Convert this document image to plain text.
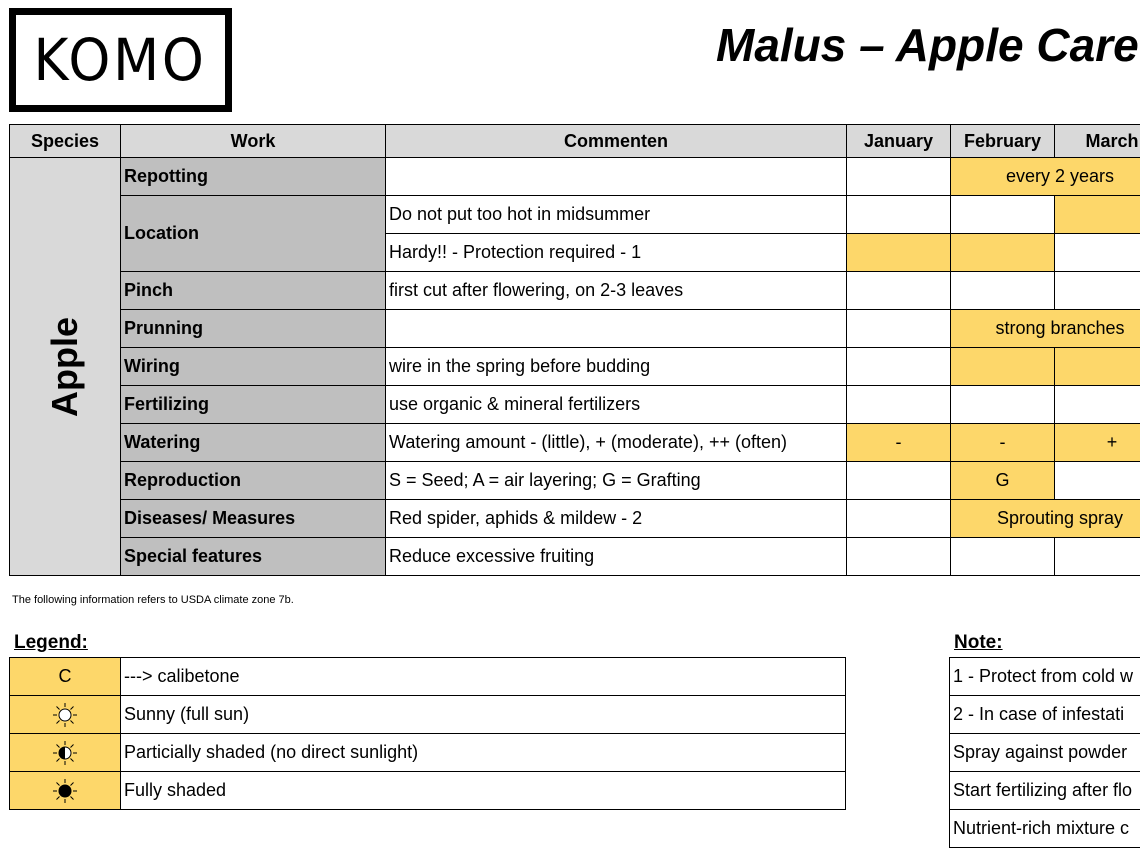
KOMO	Malus – Apple Care
Species	Work	Commenten	January	February	March
Apple	Repotting			every 2 years	
	Location	Do not put too hot in midsummer			
		Hardy!! - Protection required - 1			
	Pinch	first cut after flowering, on 2-3 leaves			
	Prunning			strong branches	
	Wiring	wire in the spring before budding			
	Fertilizing	use organic & mineral fertilizers			
	Watering	Watering amount - (little), + (moderate), ++ (often)	-	-	+
	Reproduction	S = Seed; A = air layering; G = Grafting		G	
	Diseases/ Measures	Red spider, aphids & mildew - 2		Sprouting spray	
	Special features	Reduce excessive fruiting			
The following information refers to USDA climate zone 7b.
Legend:
C	---> calibetone
	Sunny (full sun)
	Particially shaded (no direct sunlight)
	Fully shaded
Note:
1 - Protect from cold w
2 - In case of infestati
Spray against powder
Start fertilizing after flo
Nutrient-rich mixture c
